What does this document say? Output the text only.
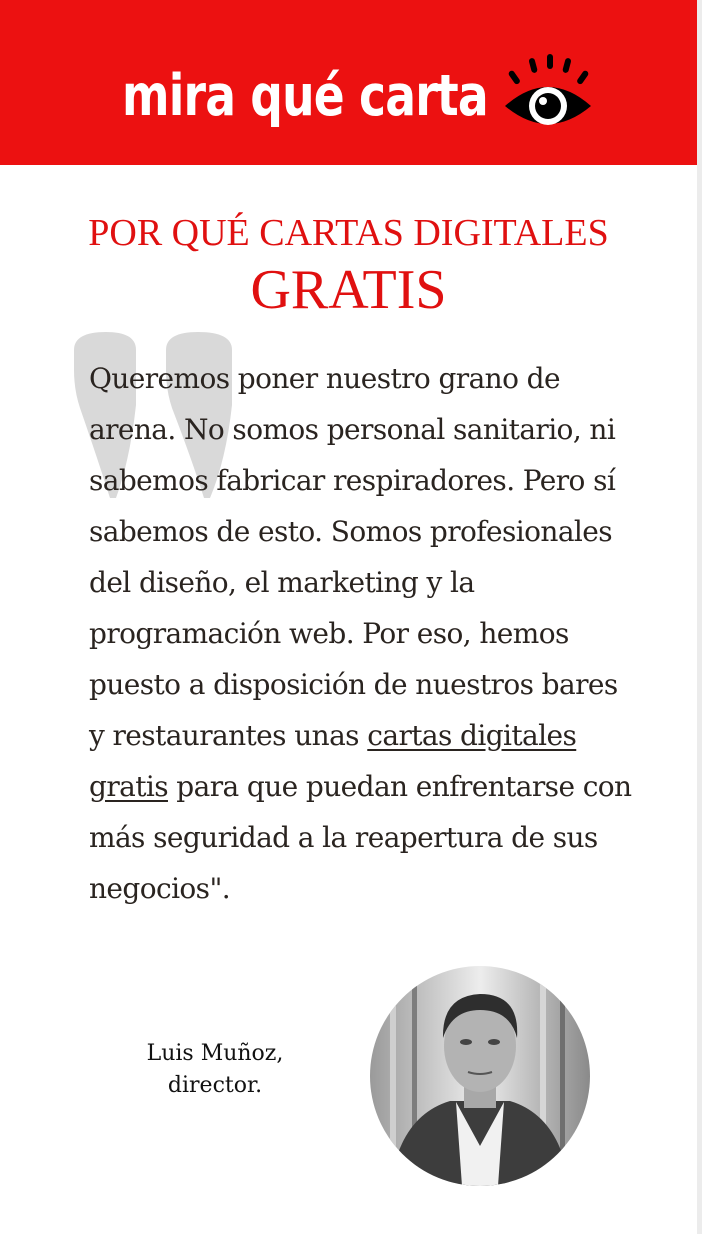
mira qué carta
POR QUÉ CARTAS DIGITALES
GRATIS
Queremos poner nuestro grano de arena. No somos personal sanitario, ni sabemos fabricar respiradores. Pero sí sabemos de esto. Somos profesionales del diseño, el marketing y la programación web. Por eso, hemos puesto a disposición de nuestros bares y restaurantes unas cartas digitales gratis para que puedan enfrentarse con más seguridad a la reapertura de sus negocios".
Luis Muñoz,
director.
